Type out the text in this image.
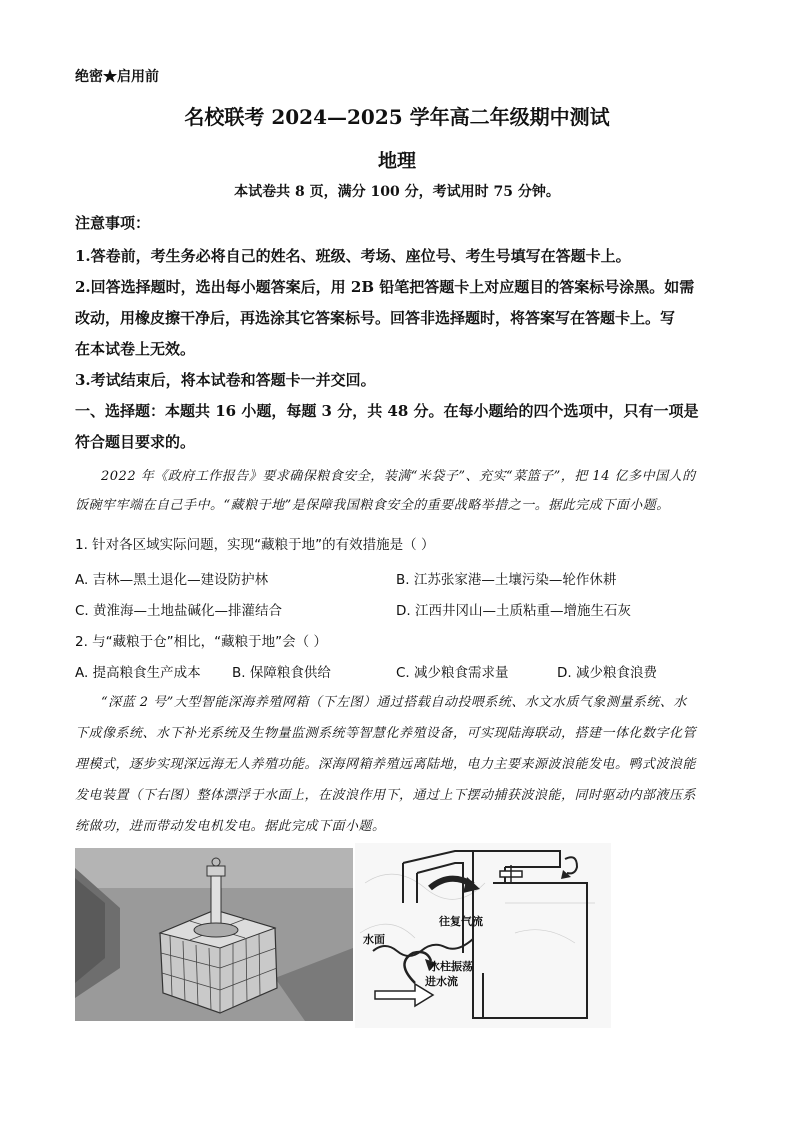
绝密★启用前
名校联考 2024—2025 学年高二年级期中测试
地理
本试卷共 8 页，满分 100 分，考试用时 75 分钟。
注意事项：
1.答卷前，考生务必将自己的姓名、班级、考场、座位号、考生号填写在答题卡上。
2.回答选择题时，选出每小题答案后，用 2B 铅笔把答题卡上对应题目的答案标号涂黑。如需
改动，用橡皮擦干净后，再选涂其它答案标号。回答非选择题时，将答案写在答题卡上。写
在本试卷上无效。
3.考试结束后，将本试卷和答题卡一并交回。
一、选择题：本题共 16 小题，每题 3 分，共 48 分。在每小题给的四个选项中，只有一项是
符合题目要求的。
2022 年《政府工作报告》要求确保粮食安全，装满“米袋子”、充实“菜篮子”，把 14 亿多中国人的
饭碗牢牢端在自己手中。“藏粮于地”是保障我国粮食安全的重要战略举措之一。据此完成下面小题。
1. 针对各区域实际问题，实现“藏粮于地”的有效措施是（ ）
A. 吉林—黑土退化—建设防护林	B. 江苏张家港—土壤污染—轮作休耕
C. 黄淮海—土地盐碱化—排灌结合	D. 江西井冈山—土质粘重—增施生石灰
2. 与“藏粮于仓”相比，“藏粮于地”会（ ）
A. 提高粮食生产成本 B. 保障粮食供给	C. 减少粮食需求量	D. 减少粮食浪费
“深蓝 2 号”大型智能深海养殖网箱（下左图）通过搭载自动投喂系统、水文水质气象测量系统、水
下成像系统、水下补光系统及生物量监测系统等智慧化养殖设备，可实现陆海联动，搭建一体化数字化管
理模式，逐步实现深远海无人养殖功能。深海网箱养殖远离陆地，电力主要来源波浪能发电。鸭式波浪能
发电装置（下右图）整体漂浮于水面上，在波浪作用下，通过上下摆动捕获波浪能，同时驱动内部液压系
统做功，进而带动发电机发电。据此完成下面小题。
往复气流
水面
水柱振荡
进水流
